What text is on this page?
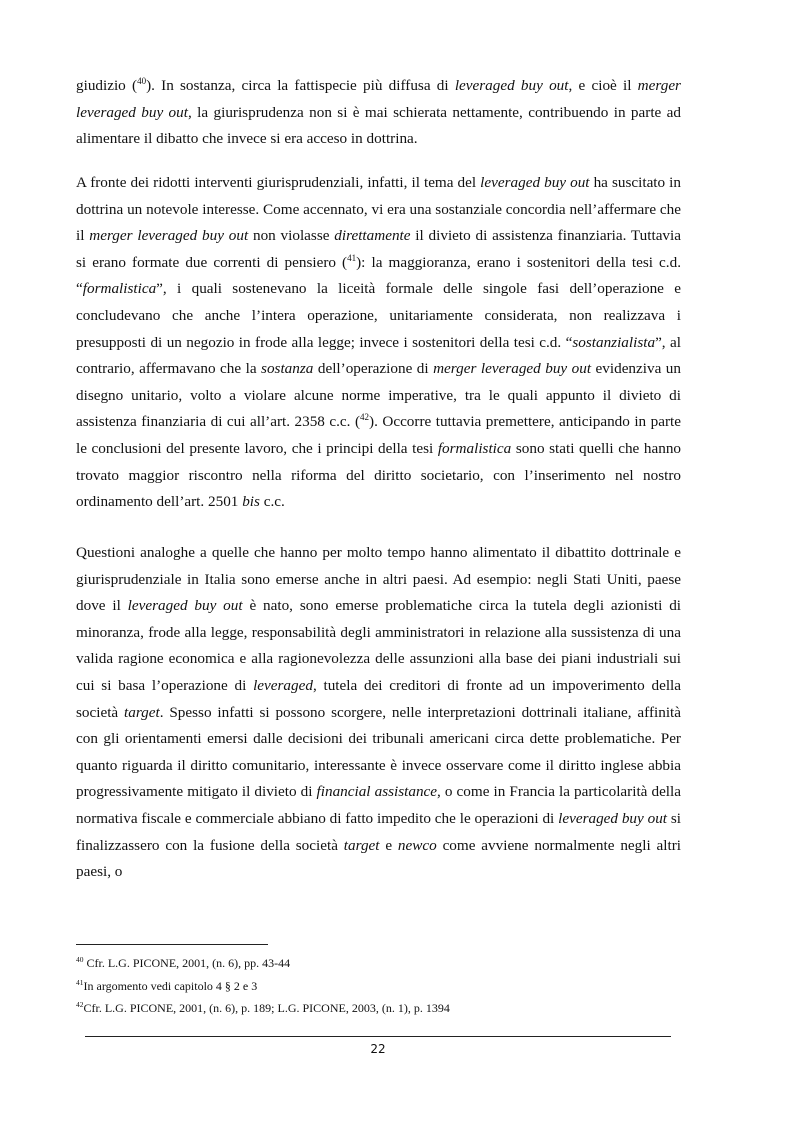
giudizio ($^{40}$). In sostanza, circa la fattispecie più diffusa di leveraged buy out, e cioè il merger leveraged buy out, la giurisprudenza non si è mai schierata nettamente, contribuendo in parte ad alimentare il dibatto che invece si era acceso in dottrina.

A fronte dei ridotti interventi giurisprudenziali, infatti, il tema del leveraged buy out ha suscitato in dottrina un notevole interesse. Come accennato, vi era una sostanziale concordia nell’affermare che il merger leveraged buy out non violasse direttamente il divieto di assistenza finanziaria. Tuttavia si erano formate due correnti di pensiero ($^{41}$): la maggioranza, erano i sostenitori della tesi c.d. “formalistica”, i quali sostenevano la liceità formale delle singole fasi dell’operazione e concludevano che anche l’intera operazione, unitariamente considerata, non realizzava i presupposti di un negozio in frode alla legge; invece i sostenitori della tesi c.d. “sostanzialista”, al contrario, affermavano che la sostanza dell’operazione di merger leveraged buy out evidenziva un disegno unitario, volto a violare alcune norme imperative, tra le quali appunto il divieto di assistenza finanziaria di cui all’art. 2358 c.c. ($^{42}$). Occorre tuttavia premettere, anticipando in parte le conclusioni del presente lavoro, che i principi della tesi formalistica sono stati quelli che hanno trovato maggior riscontro nella riforma del diritto societario, con l’inserimento nel nostro ordinamento dell’art. 2501 bis c.c.

Questioni analoghe a quelle che hanno per molto tempo hanno alimentato il dibattito dottrinale e giurisprudenziale in Italia sono emerse anche in altri paesi. Ad esempio: negli Stati Uniti, paese dove il leveraged buy out è nato, sono emerse problematiche circa la tutela degli azionisti di minoranza, frode alla legge, responsabilità degli amministratori in relazione alla sussistenza di una valida ragione economica e alla ragionevolezza delle assunzioni alla base dei piani industriali sui cui si basa l’operazione di leveraged, tutela dei creditori di fronte ad un impoverimento della società target. Spesso infatti si possono scorgere, nelle interpretazioni dottrinali italiane, affinità con gli orientamenti emersi dalle decisioni dei tribunali americani circa dette problematiche. Per quanto riguarda il diritto comunitario, interessante è invece osservare come il diritto inglese abbia progressivamente mitigato il divieto di financial assistance, o come in Francia la particolarità della normativa fiscale e commerciale abbiano di fatto impedito che le operazioni di leveraged buy out si finalizzassero con la fusione della società target e newco come avviene normalmente negli altri paesi, o

$^{40}$ Cfr. L.G. PICONE, 2001, (n. 6), pp. 43-44

$^{41}$In argomento vedi capitolo 4 § 2 e 3

$^{42}$Cfr. L.G. PICONE, 2001, (n. 6), p. 189; L.G. PICONE, 2003, (n. 1), p. 1394

22
